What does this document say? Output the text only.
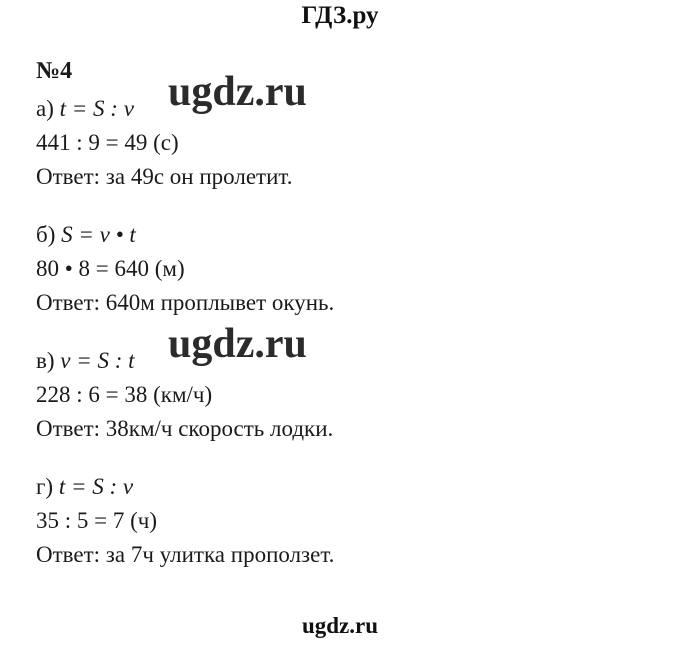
ГДЗ.ру
№4
а) t = S : v
441 : 9 = 49 (с)
Ответ: за 49с он пролетит.
б) S = v • t
80 • 8 = 640 (м)
Ответ: 640м проплывет окунь.
в) v = S : t
228 : 6 = 38 (км/ч)
Ответ: 38км/ч скорость лодки.
г) t = S : v
35 : 5 = 7 (ч)
Ответ: за 7ч улитка проползет.
ugdz.ru
ugdz.ru
ugdz.ru
